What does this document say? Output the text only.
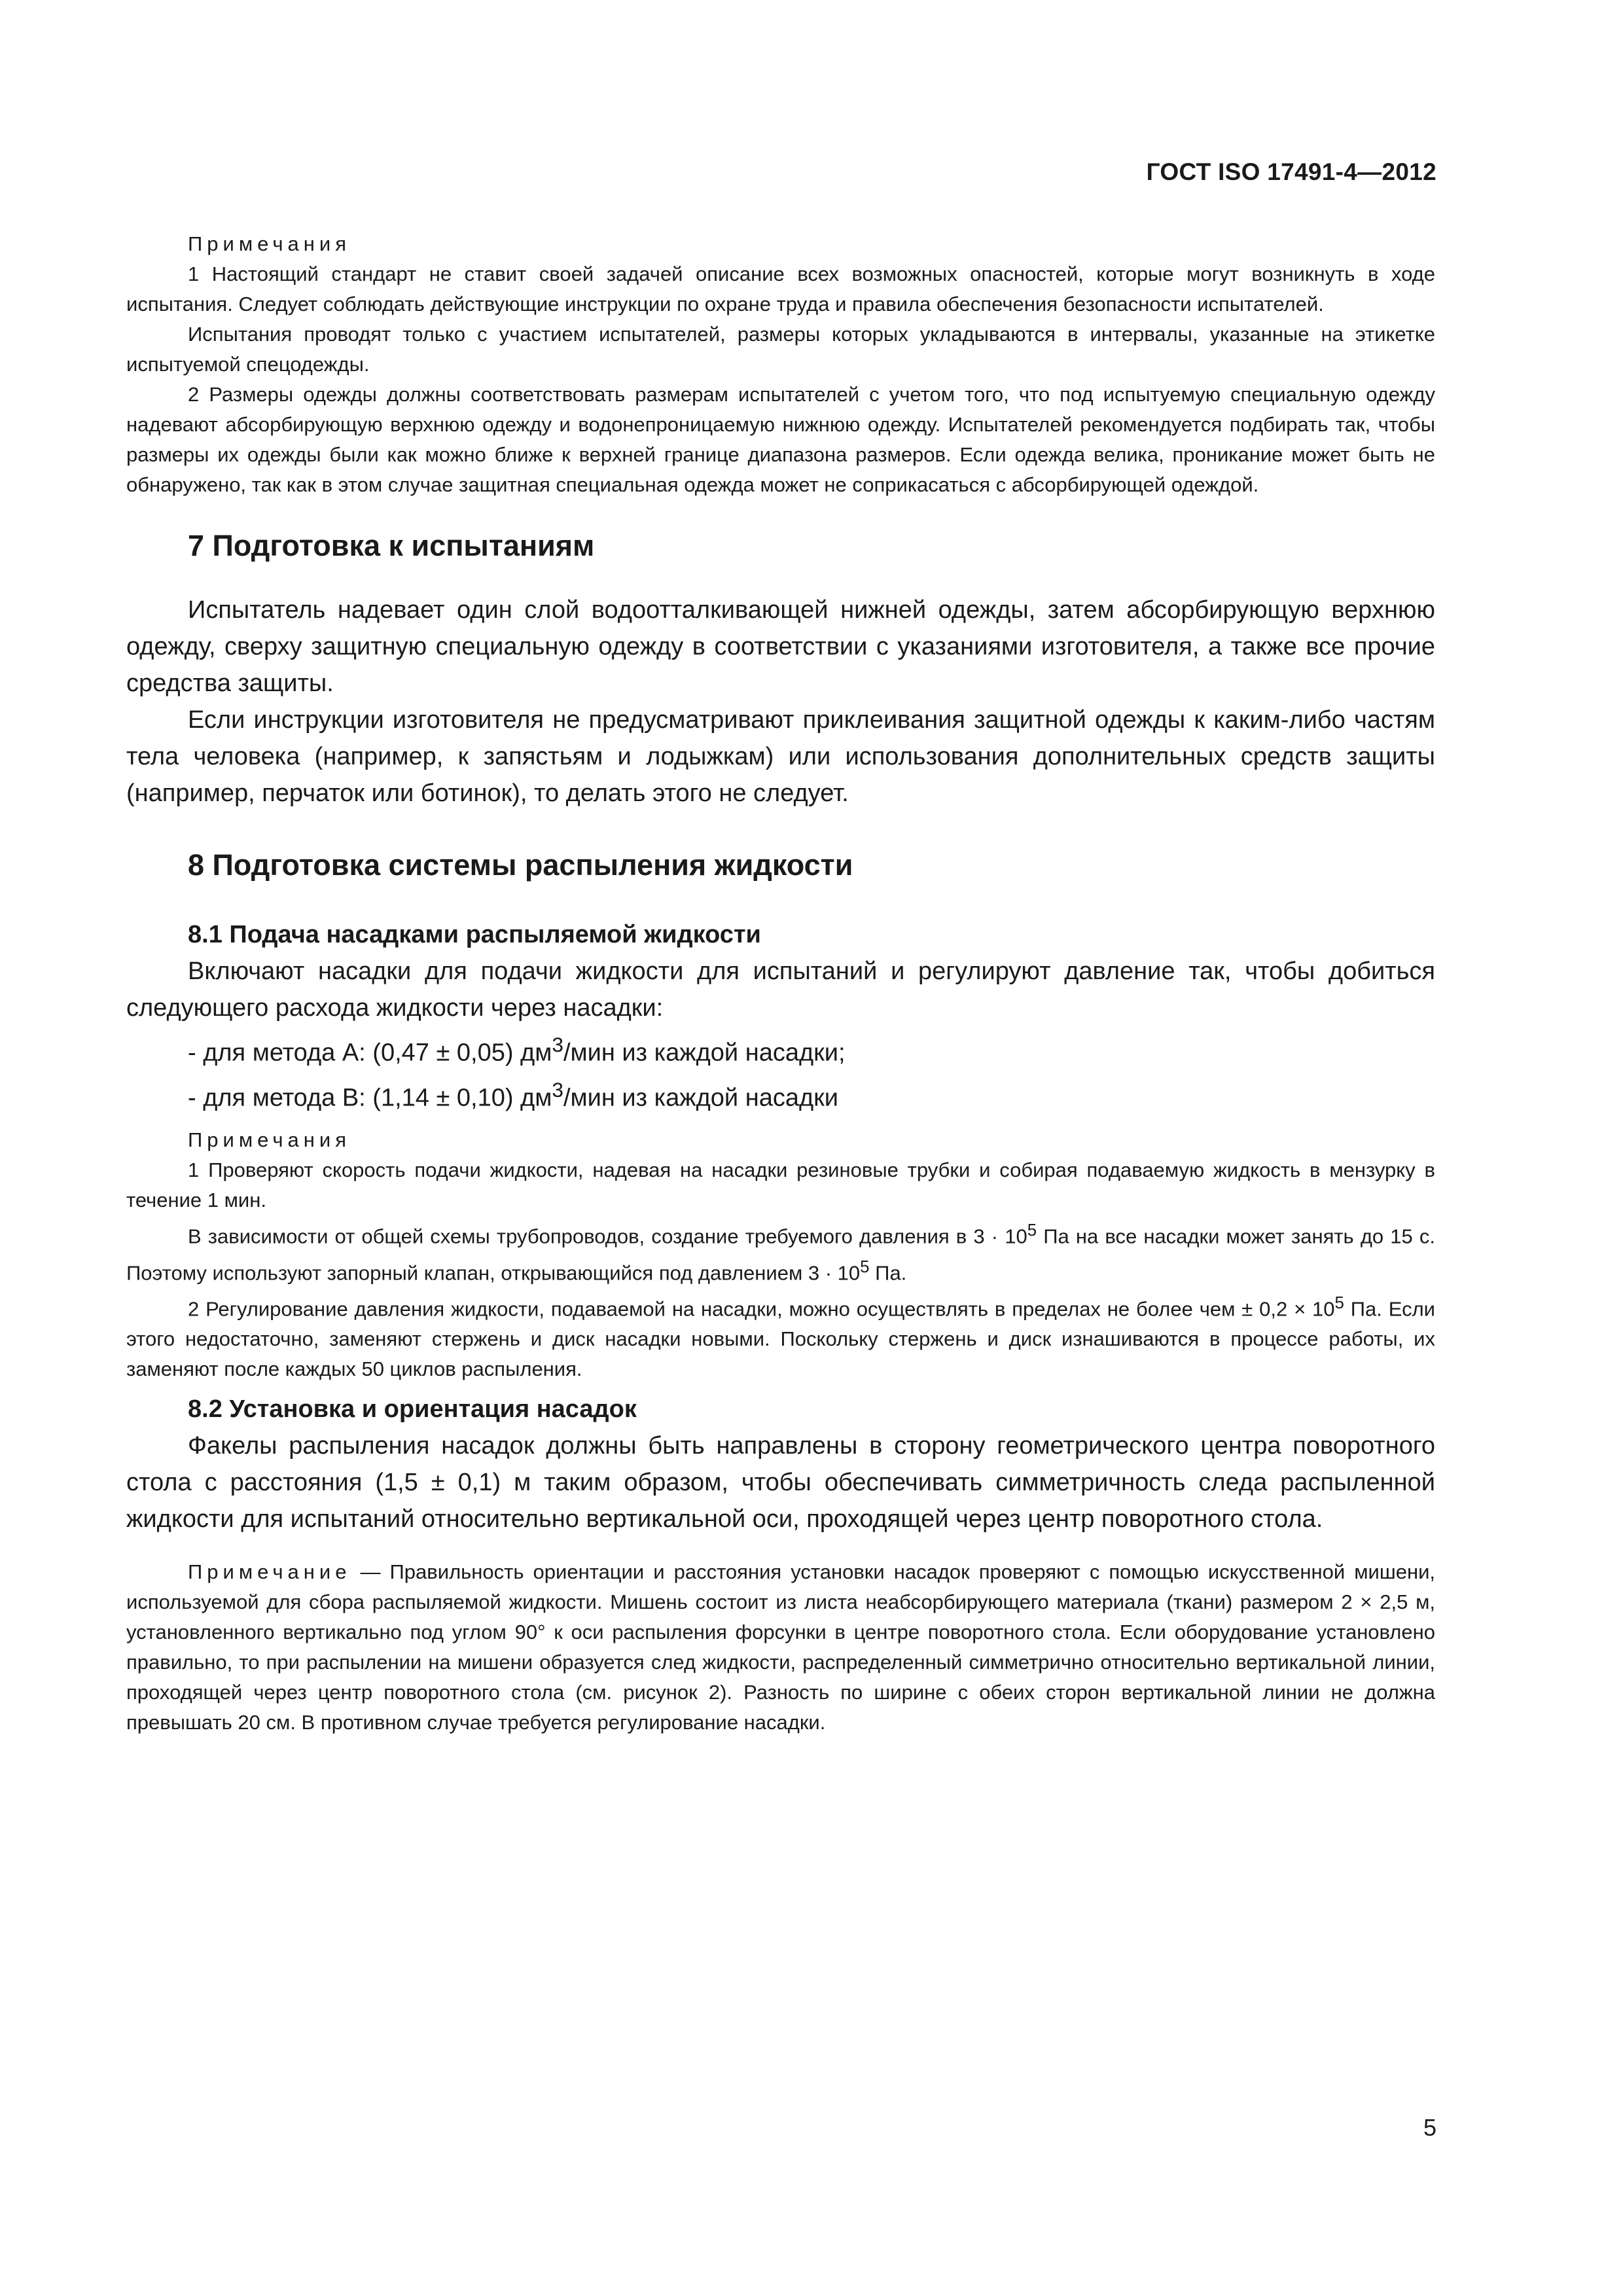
ГОСТ ISO 17491-4—2012

Примечания

1 Настоящий стандарт не ставит своей задачей описание всех возможных опасностей, которые могут возникнуть в ходе испытания. Следует соблюдать действующие инструкции по охране труда и правила обеспечения безопасности испытателей.

Испытания проводят только с участием испытателей, размеры которых укладываются в интервалы, указанные на этикетке испытуемой спецодежды.

2 Размеры одежды должны соответствовать размерам испытателей с учетом того, что под испытуемую специальную одежду надевают абсорбирующую верхнюю одежду и водонепроницаемую нижнюю одежду. Испытателей рекомендуется подбирать так, чтобы размеры их одежды были как можно ближе к верхней границе диапазона размеров. Если одежда велика, проникание может быть не обнаружено, так как в этом случае защитная специальная одежда может не соприкасаться с абсорбирующей одеждой.

7 Подготовка к испытаниям

Испытатель надевает один слой водоотталкивающей нижней одежды, затем абсорбирующую верхнюю одежду, сверху защитную специальную одежду в соответствии с указаниями изготовителя, а также все прочие средства защиты.

Если инструкции изготовителя не предусматривают приклеивания защитной одежды к каким-либо частям тела человека (например, к запястьям и лодыжкам) или использования дополнительных средств защиты (например, перчаток или ботинок), то делать этого не следует.

8 Подготовка системы распыления жидкости
8.1 Подача насадками распыляемой жидкости

Включают насадки для подачи жидкости для испытаний и регулируют давление так, чтобы добиться следующего расхода жидкости через насадки:

- для метода А: (0,47 ± 0,05) $дм^3$/мин из каждой насадки;

- для метода В: (1,14 ± 0,10) $дм^3$/мин из каждой насадки

Примечания

1 Проверяют скорость подачи жидкости, надевая на насадки резиновые трубки и собирая подаваемую жидкость в мензурку в течение 1 мин.

В зависимости от общей схемы трубопроводов, создание требуемого давления в $3 \cdot 10^5$ Па на все насадки может занять до 15 с. Поэтому используют запорный клапан, открывающийся под давлением $3 \cdot 10^5$ Па.

2 Регулирование давления жидкости, подаваемой на насадки, можно осуществлять в пределах не более чем ± $0,2 \times 10^5$ Па. Если этого недостаточно, заменяют стержень и диск насадки новыми. Поскольку стержень и диск изнашиваются в процессе работы, их заменяют после каждых 50 циклов распыления.

8.2 Установка и ориентация насадок

Факелы распыления насадок должны быть направлены в сторону геометрического центра поворотного стола с расстояния (1,5 ± 0,1) м таким образом, чтобы обеспечивать симметричность следа распыленной жидкости для испытаний относительно вертикальной оси, проходящей через центр поворотного стола.

Примечание — Правильность ориентации и расстояния установки насадок проверяют с помощью искусственной мишени, используемой для сбора распыляемой жидкости. Мишень состоит из листа неабсорбирующего материала (ткани) размером 2 × 2,5 м, установленного вертикально под углом 90° к оси распыления форсунки в центре поворотного стола. Если оборудование установлено правильно, то при распылении на мишени образуется след жидкости, распределенный симметрично относительно вертикальной линии, проходящей через центр поворотного стола (см. рисунок 2). Разность по ширине с обеих сторон вертикальной линии не должна превышать 20 см. В противном случае требуется регулирование насадки.

5
